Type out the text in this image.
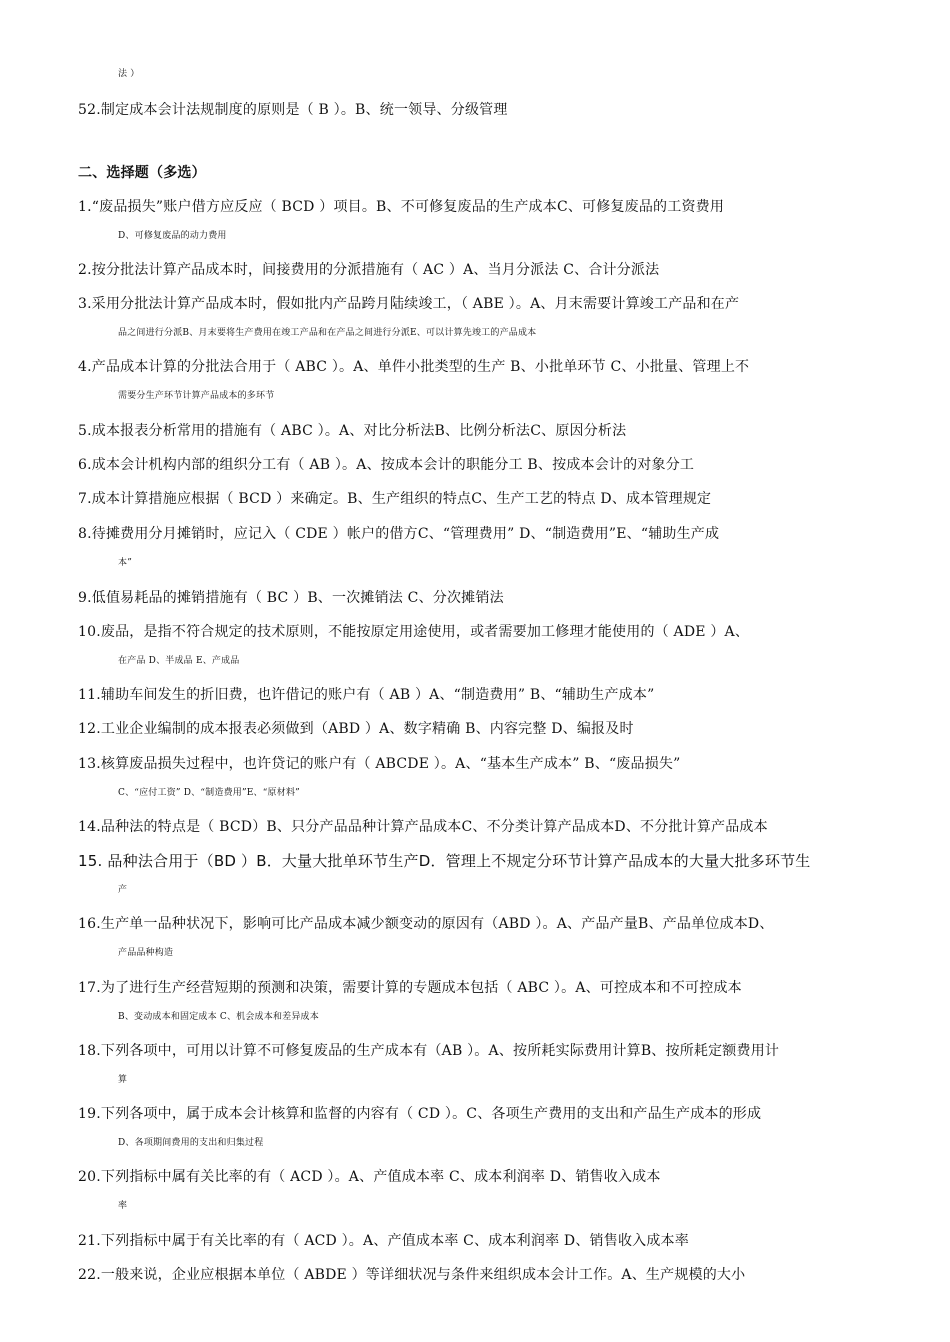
法 ）
52.制定成本会计法规制度的原则是（ B ）。B、统一领导、分级管理
二、选择题（多选）
1.“废品损失”账户借方应反应（ BCD ）项目。B、不可修复废品的生产成本C、可修复废品的工资费用
D、可修复废品的动力费用
2.按分批法计算产品成本时，间接费用的分派措施有（ AC ）A、当月分派法 C、合计分派法
3.采用分批法计算产品成本时，假如批内产品跨月陆续竣工，（ ABE ）。A、月末需要计算竣工产品和在产
品之间进行分派B、月末要将生产费用在竣工产品和在产品之间进行分派E、可以计算先竣工的产品成本
4.产品成本计算的分批法合用于（ ABC ）。A、单件小批类型的生产 B、小批单环节 C、小批量、管理上不
需要分生产环节计算产品成本的多环节
5.成本报表分析常用的措施有（ ABC ）。A、对比分析法B、比例分析法C、原因分析法
6.成本会计机构内部的组织分工有（ AB ）。A、按成本会计的职能分工 B、按成本会计的对象分工
7.成本计算措施应根据（ BCD ）来确定。B、生产组织的特点C、生产工艺的特点 D、成本管理规定
8.待摊费用分月摊销时，应记入（ CDE ）帐户的借方C、“管理费用” D、“制造费用”E、“辅助生产成
本”
9.低值易耗品的摊销措施有（ BC ）B、一次摊销法 C、分次摊销法
10.废品，是指不符合规定的技术原则，不能按原定用途使用，或者需要加工修理才能使用的（ ADE ）A、
在产品 D、半成品 E、产成品
11.辅助车间发生的折旧费，也许借记的账户有（ AB ）A、“制造费用” B、“辅助生产成本”
12.工业企业编制的成本报表必须做到（ABD ）A、数字精确 B、内容完整 D、编报及时
13.核算废品损失过程中，也许贷记的账户有（ ABCDE ）。A、“基本生产成本” B、“废品损失”
C、“应付工资” D、“制造费用”E、“原材料”
14.品种法的特点是（ BCD）B、只分产品品种计算产品成本C、不分类计算产品成本D、不分批计算产品成本
15. 品种法合用于（BD ）B．大量大批单环节生产D．管理上不规定分环节计算产品成本的大量大批多环节生
产
16.生产单一品种状况下，影响可比产品成本减少额变动的原因有（ABD ）。A、产品产量B、产品单位成本D、
产品品种构造
17.为了进行生产经营短期的预测和决策，需要计算的专题成本包括（ ABC ）。A、可控成本和不可控成本
B、变动成本和固定成本 C、机会成本和差异成本
18.下列各项中，可用以计算不可修复废品的生产成本有（AB ）。A、按所耗实际费用计算B、按所耗定额费用计
算
19.下列各项中，属于成本会计核算和监督的内容有（ CD ）。C、各项生产费用的支出和产品生产成本的形成
D、各项期间费用的支出和归集过程
20.下列指标中属有关比率的有（ ACD ）。A、产值成本率 C、成本利润率 D、销售收入成本
率
21.下列指标中属于有关比率的有（ ACD ）。A、产值成本率 C、成本利润率 D、销售收入成本率
22.一般来说，企业应根据本单位（ ABDE ）等详细状况与条件来组织成本会计工作。A、生产规模的大小
